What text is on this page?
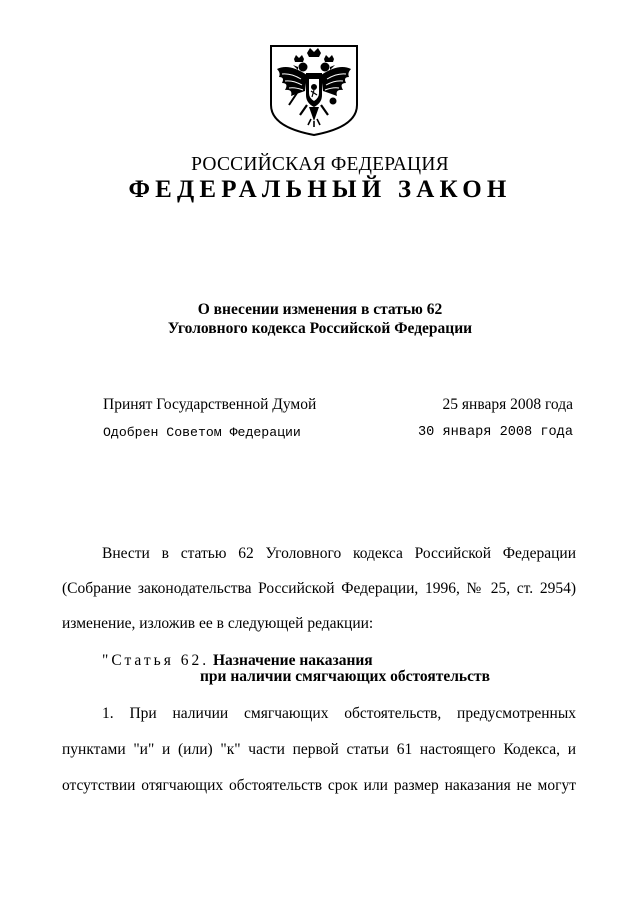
РОССИЙСКАЯ ФЕДЕРАЦИЯ
ФЕДЕРАЛЬНЫЙ ЗАКОН
О внесении изменения в статью 62
Уголовного кодекса Российской Федерации
Принят Государственной Думой	25 января 2008 года
Одобрен Советом Федерации	30 января 2008 года
Внести в статью 62 Уголовного кодекса Российской Федерации
(Собрание законодательства Российской Федерации, 1996, № 25, ст. 2954)
изменение, изложив ее в следующей редакции:
"Статья 62. Назначение наказания
при наличии смягчающих обстоятельств
1. При наличии смягчающих обстоятельств, предусмотренных
пунктами "и" и (или) "к" части первой статьи 61 настоящего Кодекса, и
отсутствии отягчающих обстоятельств срок или размер наказания не могут
